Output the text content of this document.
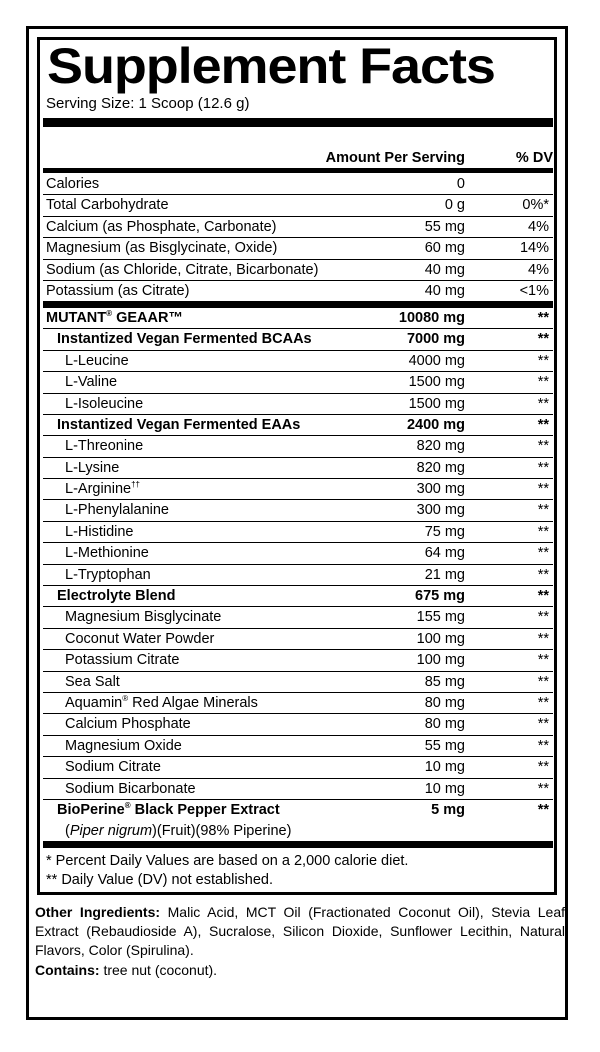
Supplement Facts
Serving Size: 1 Scoop (12.6 g)
Amount Per Serving	% DV
Calories	0
Total Carbohydrate	0 g	0%*
Calcium (as Phosphate, Carbonate)	55 mg	4%
Magnesium (as Bisglycinate, Oxide)	60 mg	14%
Sodium (as Chloride, Citrate, Bicarbonate)	40 mg	4%
Potassium (as Citrate)	40 mg	<1%
MUTANT® GEAAR™	10080 mg	**
Instantized Vegan Fermented BCAAs	7000 mg	**
L-Leucine	4000 mg	**
L-Valine	1500 mg	**
L-Isoleucine	1500 mg	**
Instantized Vegan Fermented EAAs	2400 mg	**
L-Threonine	820 mg	**
L-Lysine	820 mg	**
L-Arginine††	300 mg	**
L-Phenylalanine	300 mg	**
L-Histidine	75 mg	**
L-Methionine	64 mg	**
L-Tryptophan	21 mg	**
Electrolyte Blend	675 mg	**
Magnesium Bisglycinate	155 mg	**
Coconut Water Powder	100 mg	**
Potassium Citrate	100 mg	**
Sea Salt	85 mg	**
Aquamin® Red Algae Minerals	80 mg	**
Calcium Phosphate	80 mg	**
Magnesium Oxide	55 mg	**
Sodium Citrate	10 mg	**
Sodium Bicarbonate	10 mg	**
BioPerine® Black Pepper Extract	5 mg	**
(Piper nigrum)(Fruit)(98% Piperine)
* Percent Daily Values are based on a 2,000 calorie diet.
** Daily Value (DV) not established.
Other Ingredients: Malic Acid, MCT Oil (Fractionated Coconut Oil), Stevia Leaf Extract (Rebaudioside A), Sucralose, Silicon Dioxide, Sunflower Lecithin, Natural Flavors, Color (Spirulina).
Contains: tree nut (coconut).
